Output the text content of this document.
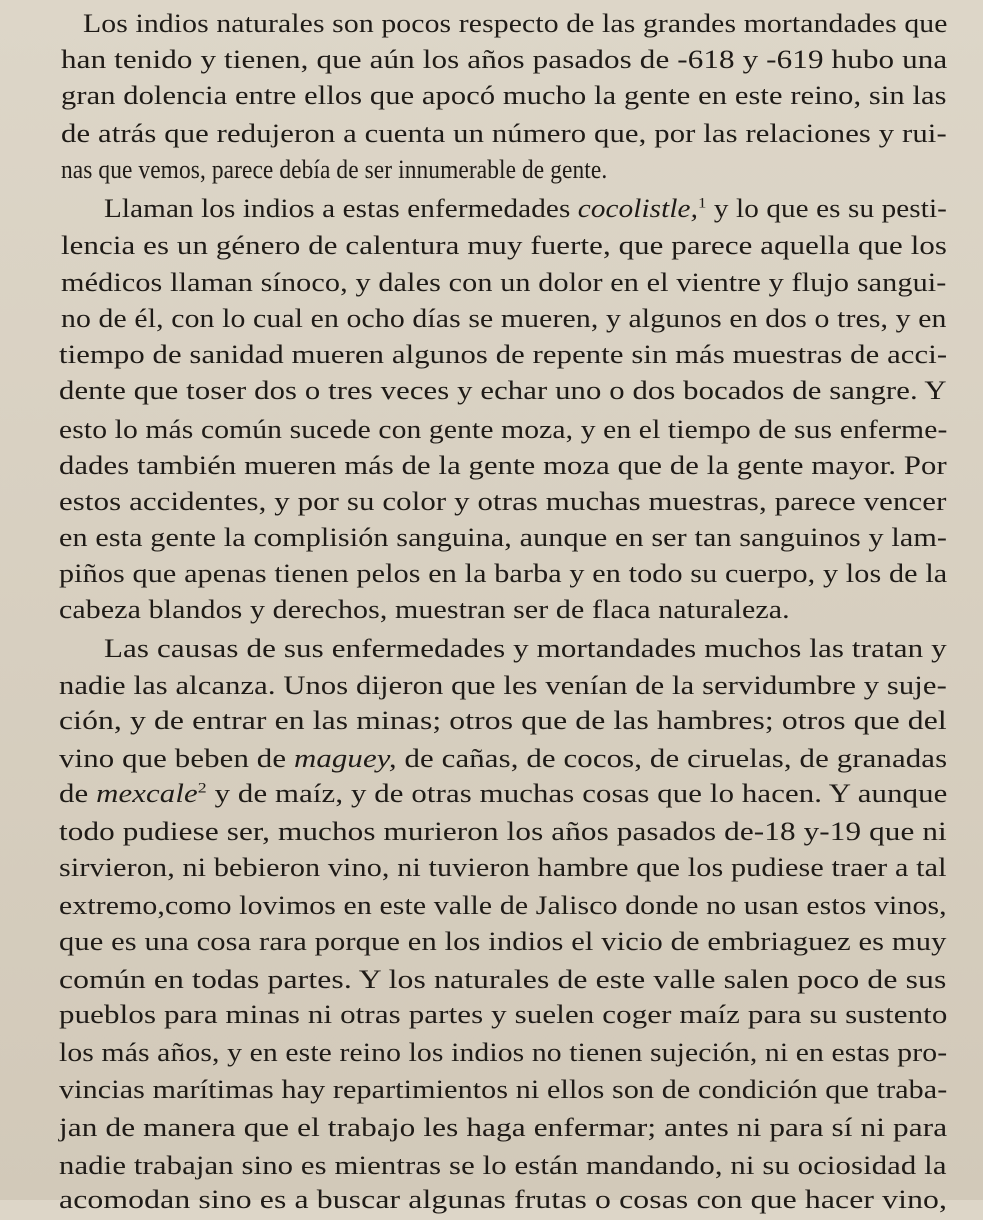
Los indios naturales son pocos respecto de las grandes mortandades que
han tenido y tienen, que aún los años pasados de -618 y -619 hubo una
gran dolencia entre ellos que apocó mucho la gente en este reino, sin las
de atrás que redujeron a cuenta un número que, por las relaciones y rui-
nas que vemos, parece debía de ser innumerable de gente.
Llaman los indios a estas enfermedades cocolistle,$^1$ y lo que es su pesti-
lencia es un género de calentura muy fuerte, que parece aquella que los
médicos llaman sínoco, y dales con un dolor en el vientre y flujo sangui-
no de él, con lo cual en ocho días se mueren, y algunos en dos o tres, y en
tiempo de sanidad mueren algunos de repente sin más muestras de acci-
dente que toser dos o tres veces y echar uno o dos bocados de sangre. Y
esto lo más común sucede con gente moza, y en el tiempo de sus enferme-
dades también mueren más de la gente moza que de la gente mayor. Por
estos accidentes, y por su color y otras muchas muestras, parece vencer
en esta gente la complisión sanguina, aunque en ser tan sanguinos y lam-
piños que apenas tienen pelos en la barba y en todo su cuerpo, y los de la
cabeza blandos y derechos, muestran ser de flaca naturaleza.
Las causas de sus enfermedades y mortandades muchos las tratan y
nadie las alcanza. Unos dijeron que les venían de la servidumbre y suje-
ción, y de entrar en las minas; otros que de las hambres; otros que del
vino que beben de maguey, de cañas, de cocos, de ciruelas, de granadas
de mexcale$^2$ y de maíz, y de otras muchas cosas que lo hacen. Y aunque
todo pudiese ser, muchos murieron los años pasados de-18 y-19 que ni
sirvieron, ni bebieron vino, ni tuvieron hambre que los pudiese traer a tal
extremo,como lovimos en este valle de Jalisco donde no usan estos vinos,
que es una cosa rara porque en los indios el vicio de embriaguez es muy
común en todas partes. Y los naturales de este valle salen poco de sus
pueblos para minas ni otras partes y suelen coger maíz para su sustento
los más años, y en este reino los indios no tienen sujeción, ni en estas pro-
vincias marítimas hay repartimientos ni ellos son de condición que traba-
jan de manera que el trabajo les haga enfermar; antes ni para sí ni para
nadie trabajan sino es mientras se lo están mandando, ni su ociosidad la
acomodan sino es a buscar algunas frutas o cosas con que hacer vino,
